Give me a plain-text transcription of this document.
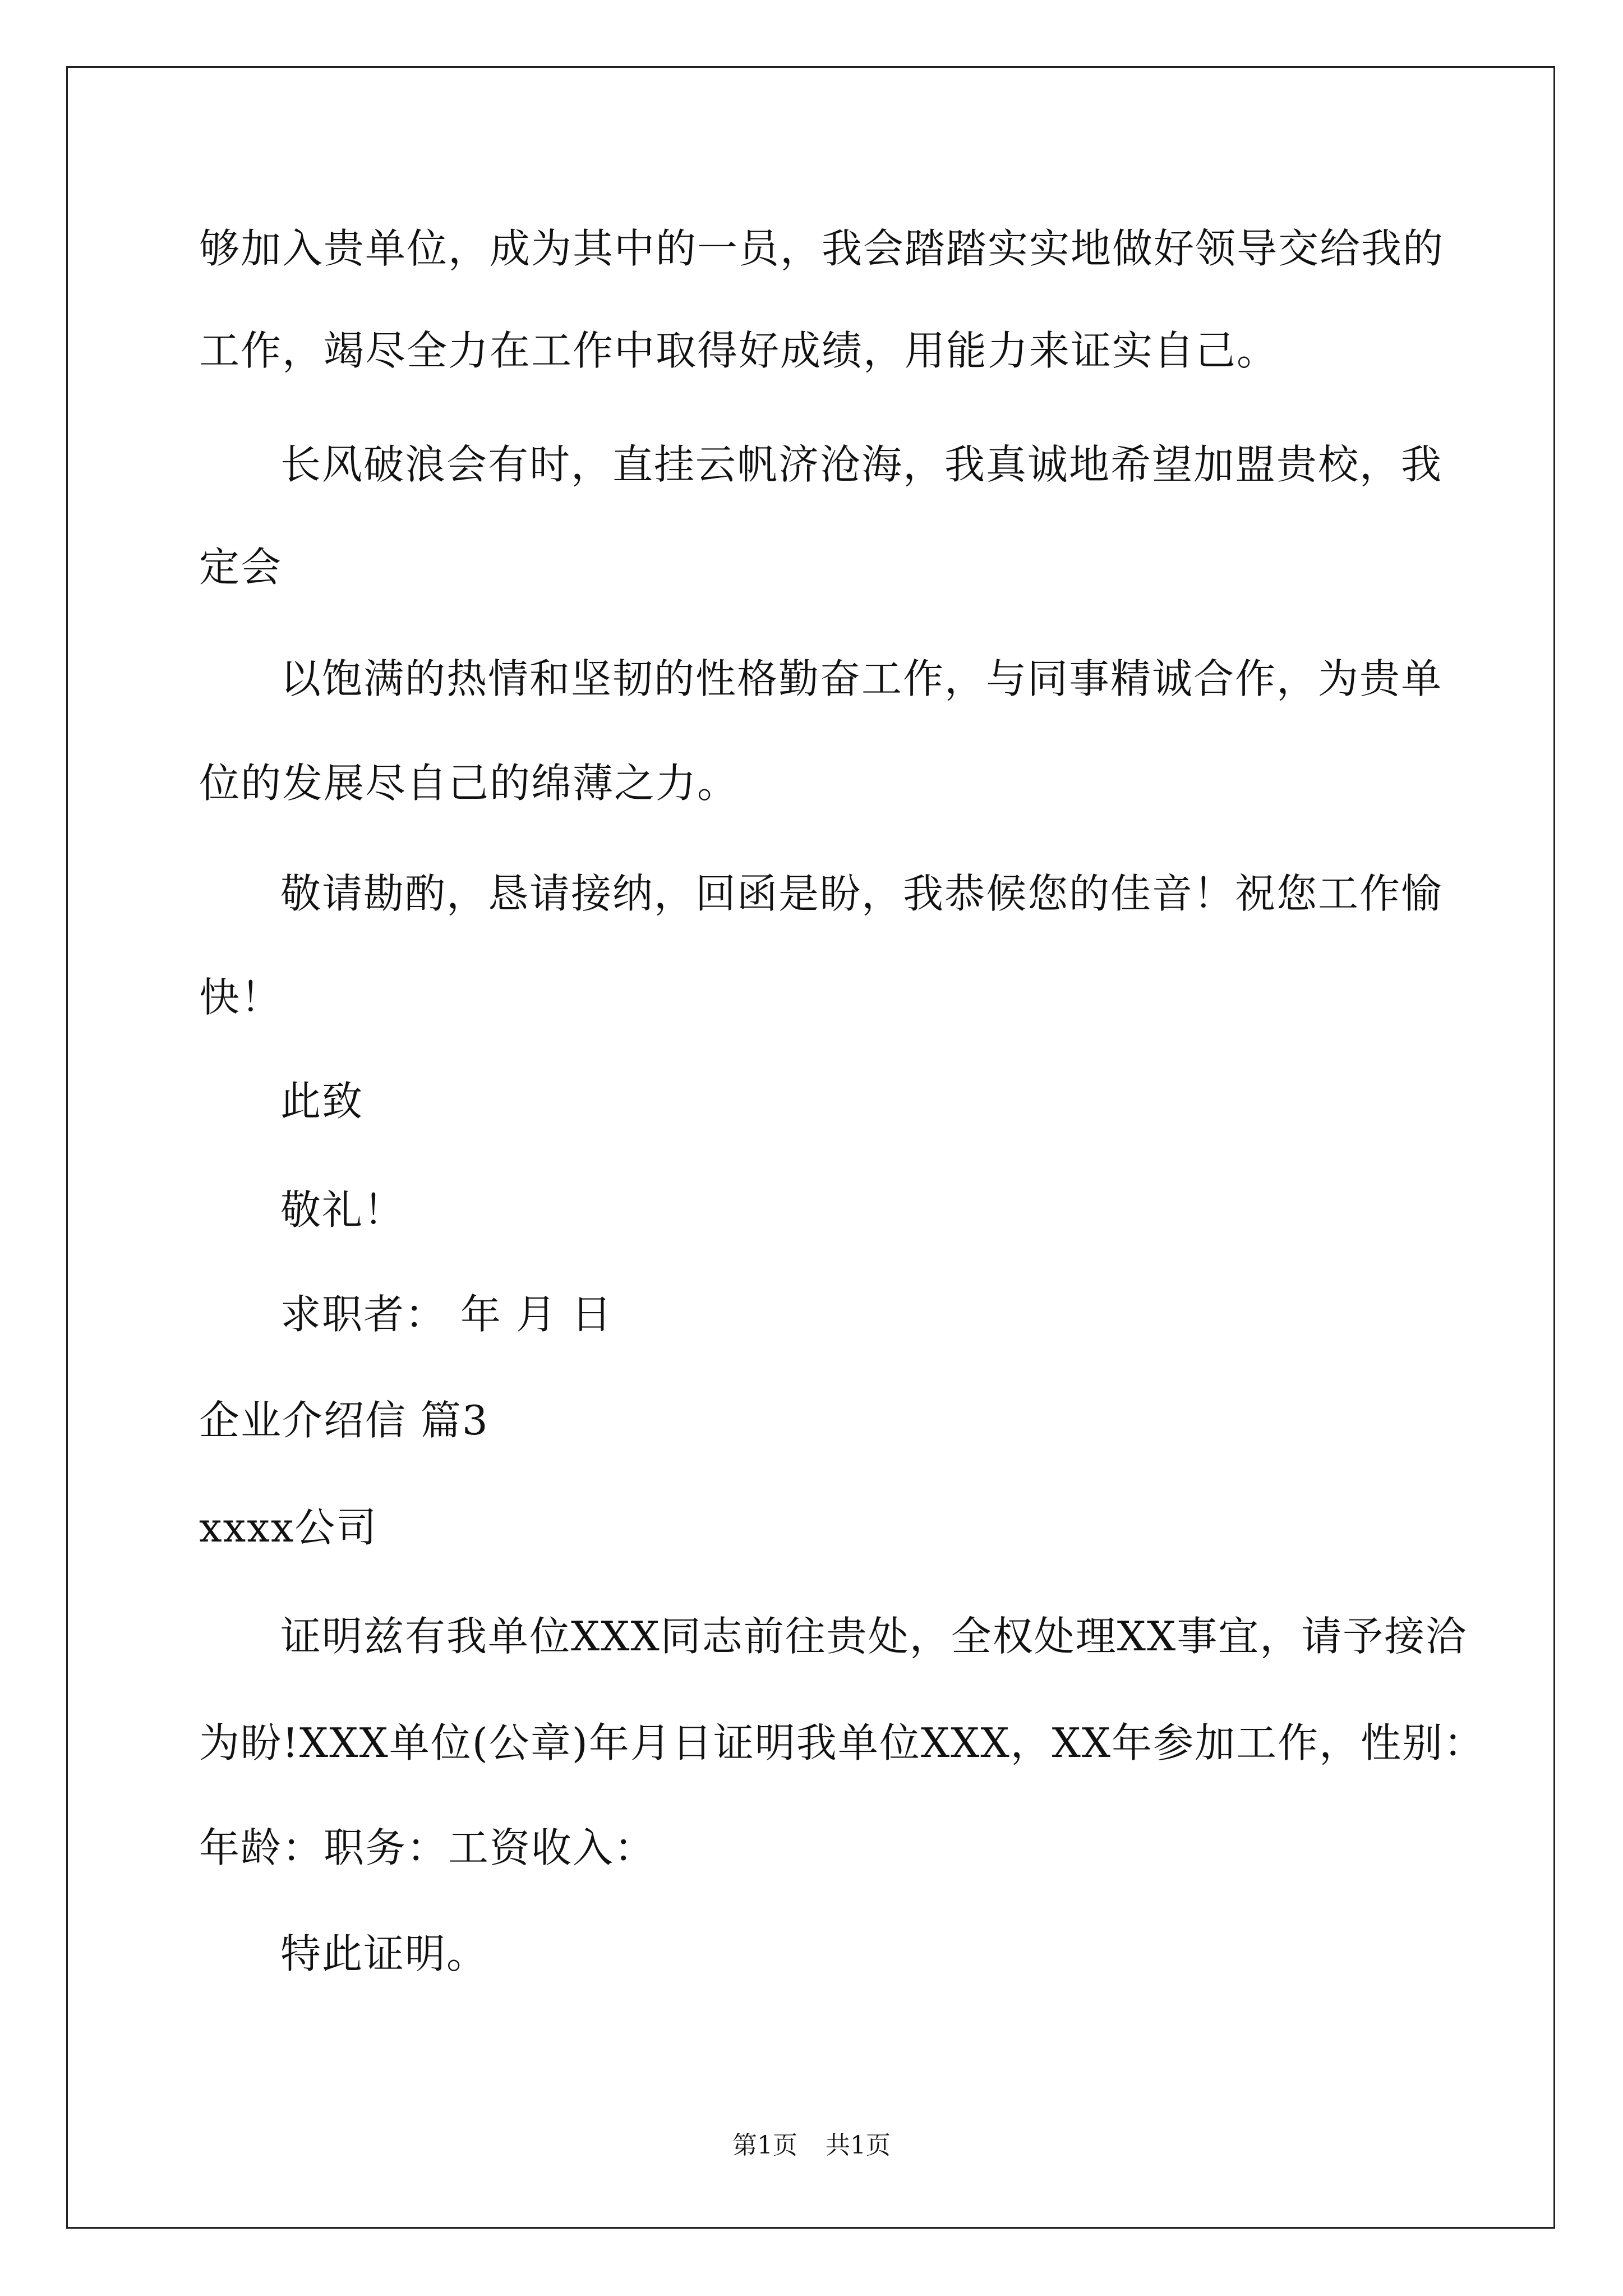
够加入贵单位，成为其中的一员，我会踏踏实实地做好领导交给我的
工作，竭尽全力在工作中取得好成绩，用能力来证实自己。
长风破浪会有时，直挂云帆济沧海，我真诚地希望加盟贵校，我
定会
以饱满的热情和坚韧的性格勤奋工作，与同事精诚合作，为贵单
位的发展尽自己的绵薄之力。
敬请勘酌，恳请接纳，回函是盼，我恭候您的佳音！祝您工作愉
快！
此致
敬礼！
求职者： 年 月 日
企业介绍信 篇3
xxxx公司
证明兹有我单位XXX同志前往贵处，全权处理XX事宜，请予接洽
为盼!XXX单位(公章)年月日证明我单位XXX，XX年参加工作，性别：
年龄：职务：工资收入：
特此证明。
第1页 共1页
